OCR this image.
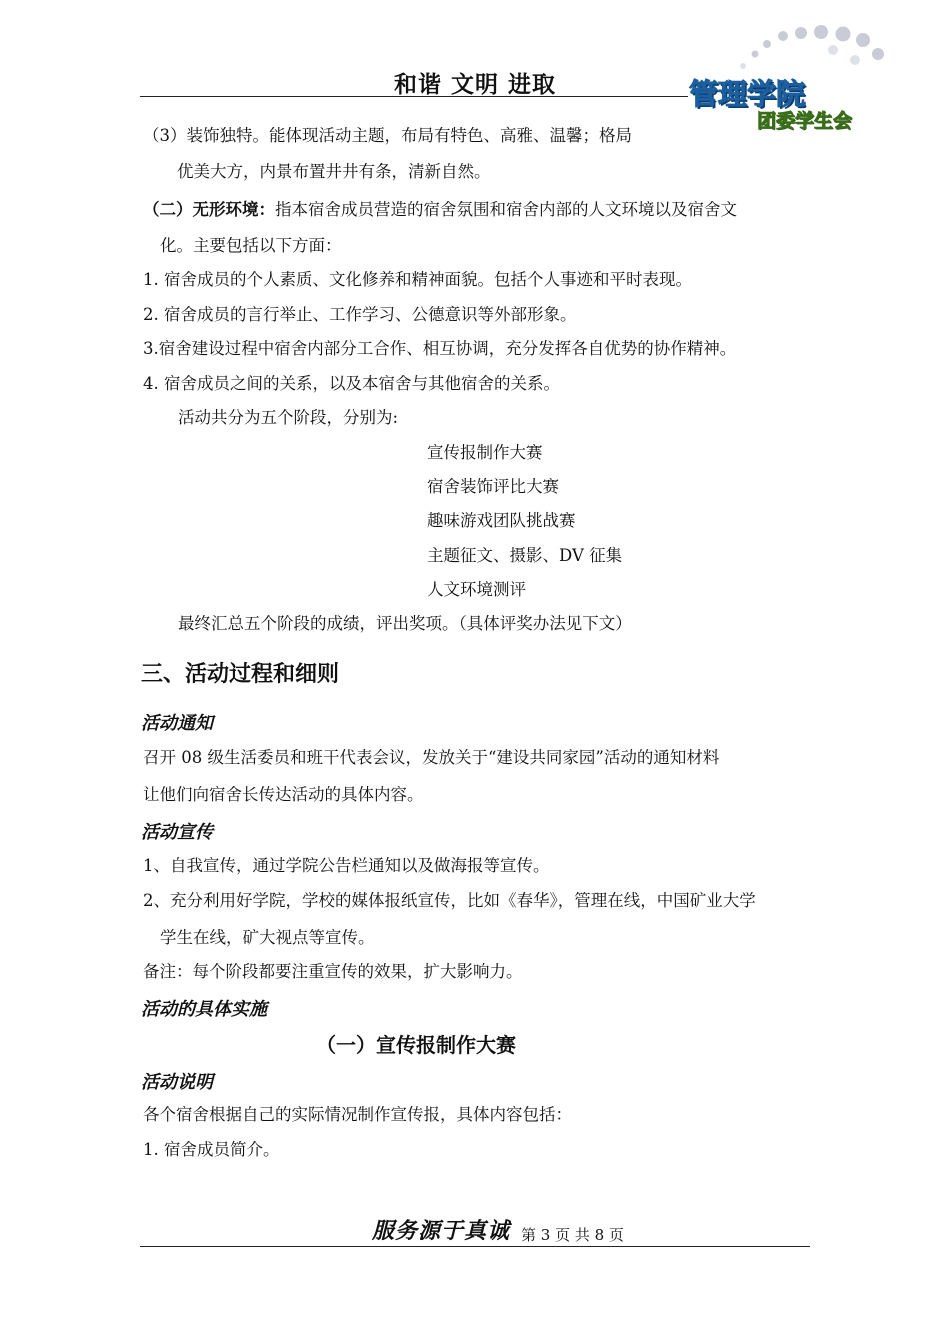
和谐 文明 进取	管理学院
团委学生会
（3）装饰独特。能体现活动主题，布局有特色、高雅、温馨；格局
优美大方，内景布置井井有条，清新自然。
（二）无形环境：指本宿舍成员营造的宿舍氛围和宿舍内部的人文环境以及宿舍文
化。主要包括以下方面：
1. 宿舍成员的个人素质、文化修养和精神面貌。包括个人事迹和平时表现。
2. 宿舍成员的言行举止、工作学习、公德意识等外部形象。
3.宿舍建设过程中宿舍内部分工合作、相互协调，充分发挥各自优势的协作精神。
4. 宿舍成员之间的关系，以及本宿舍与其他宿舍的关系。
活动共分为五个阶段，分别为:
宣传报制作大赛
宿舍装饰评比大赛
趣味游戏团队挑战赛
主题征文、摄影、DV 征集
人文环境测评
最终汇总五个阶段的成绩，评出奖项。（具体评奖办法见下文）
三、活动过程和细则
活动通知
召开 08 级生活委员和班干代表会议，发放关于“建设共同家园”活动的通知材料
让他们向宿舍长传达活动的具体内容。
活动宣传
1、自我宣传，通过学院公告栏通知以及做海报等宣传。
2、充分利用好学院，学校的媒体报纸宣传，比如《春华》，管理在线，中国矿业大学
学生在线，矿大视点等宣传。
备注：每个阶段都要注重宣传的效果，扩大影响力。
活动的具体实施
（一）宣传报制作大赛
活动说明
各个宿舍根据自己的实际情况制作宣传报，具体内容包括：
1. 宿舍成员简介。
服务源于真诚 第 3 页 共 8 页
